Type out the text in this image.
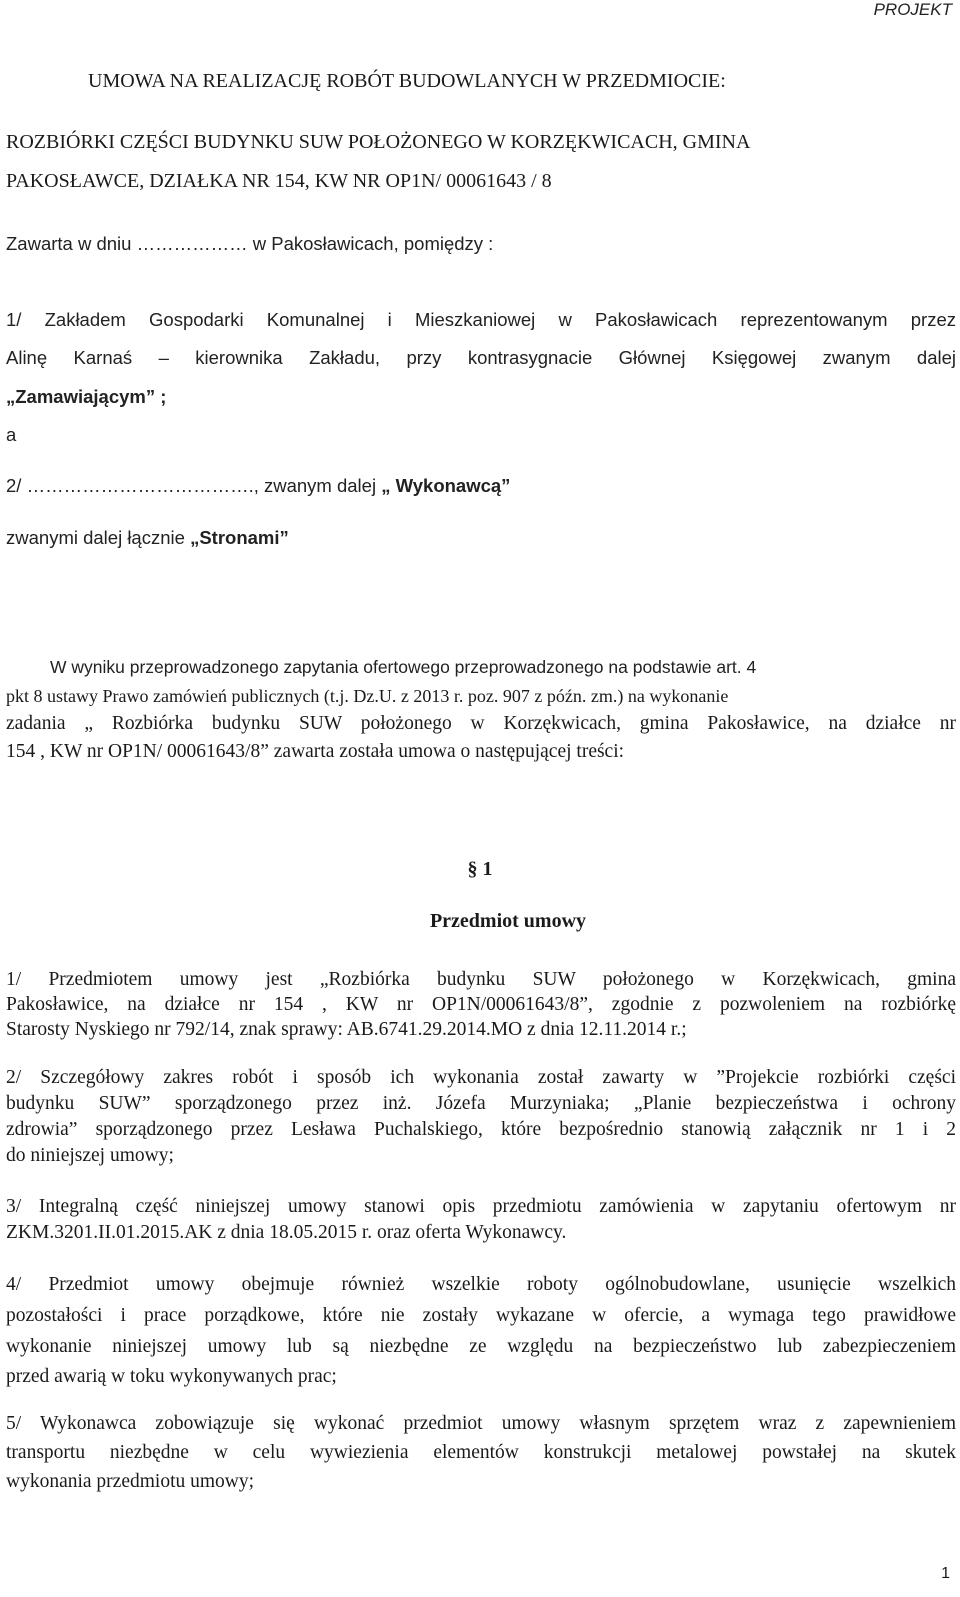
PROJEKT
UMOWA NA REALIZACJĘ ROBÓT BUDOWLANYCH W PRZEDMIOCIE:
ROZBIÓRKI CZĘŚCI BUDYNKU SUW POŁOŻONEGO W KORZĘKWICACH, GMINA
PAKOSŁAWCE, DZIAŁKA NR 154, KW NR OP1N/ 00061643 / 8
Zawarta w dniu ……………… w Pakosławicach, pomiędzy :
1/ Zakładem Gospodarki Komunalnej i Mieszkaniowej w Pakosławicach reprezentowanym przez
Alinę Karnaś – kierownika Zakładu, przy kontrasygnacie Głównej Księgowej zwanym dalej
„Zamawiającym” ;
a
2/ ………………………………., zwanym dalej „ Wykonawcą”
zwanymi dalej łącznie „Stronami”
W wyniku przeprowadzonego zapytania ofertowego przeprowadzonego na podstawie art. 4
pkt 8 ustawy Prawo zamówień publicznych (t.j. Dz.U. z 2013 r. poz. 907 z późn. zm.) na wykonanie
zadania „ Rozbiórka budynku SUW położonego w Korzękwicach, gmina Pakosławice, na działce nr
154 , KW nr OP1N/ 00061643/8” zawarta została umowa o następującej treści:
§ 1
Przedmiot umowy
1/ Przedmiotem umowy jest „Rozbiórka budynku SUW położonego w Korzękwicach, gmina
Pakosławice, na działce nr 154 , KW nr OP1N/00061643/8”, zgodnie z pozwoleniem na rozbiórkę
Starosty Nyskiego nr 792/14, znak sprawy: AB.6741.29.2014.MO z dnia 12.11.2014 r.;
2/ Szczegółowy zakres robót i sposób ich wykonania został zawarty w ”Projekcie rozbiórki części
budynku SUW” sporządzonego przez inż. Józefa Murzyniaka; „Planie bezpieczeństwa i ochrony
zdrowia” sporządzonego przez Lesława Puchalskiego, które bezpośrednio stanowią załącznik nr 1 i 2
do niniejszej umowy;
3/ Integralną część niniejszej umowy stanowi opis przedmiotu zamówienia w zapytaniu ofertowym nr
ZKM.3201.II.01.2015.AK z dnia 18.05.2015 r. oraz oferta Wykonawcy.
4/ Przedmiot umowy obejmuje również wszelkie roboty ogólnobudowlane, usunięcie wszelkich
pozostałości i prace porządkowe, które nie zostały wykazane w ofercie, a wymaga tego prawidłowe
wykonanie niniejszej umowy lub są niezbędne ze względu na bezpieczeństwo lub zabezpieczeniem
przed awarią w toku wykonywanych prac;
5/ Wykonawca zobowiązuje się wykonać przedmiot umowy własnym sprzętem wraz z zapewnieniem
transportu niezbędne w celu wywiezienia elementów konstrukcji metalowej powstałej na skutek
wykonania przedmiotu umowy;
1
